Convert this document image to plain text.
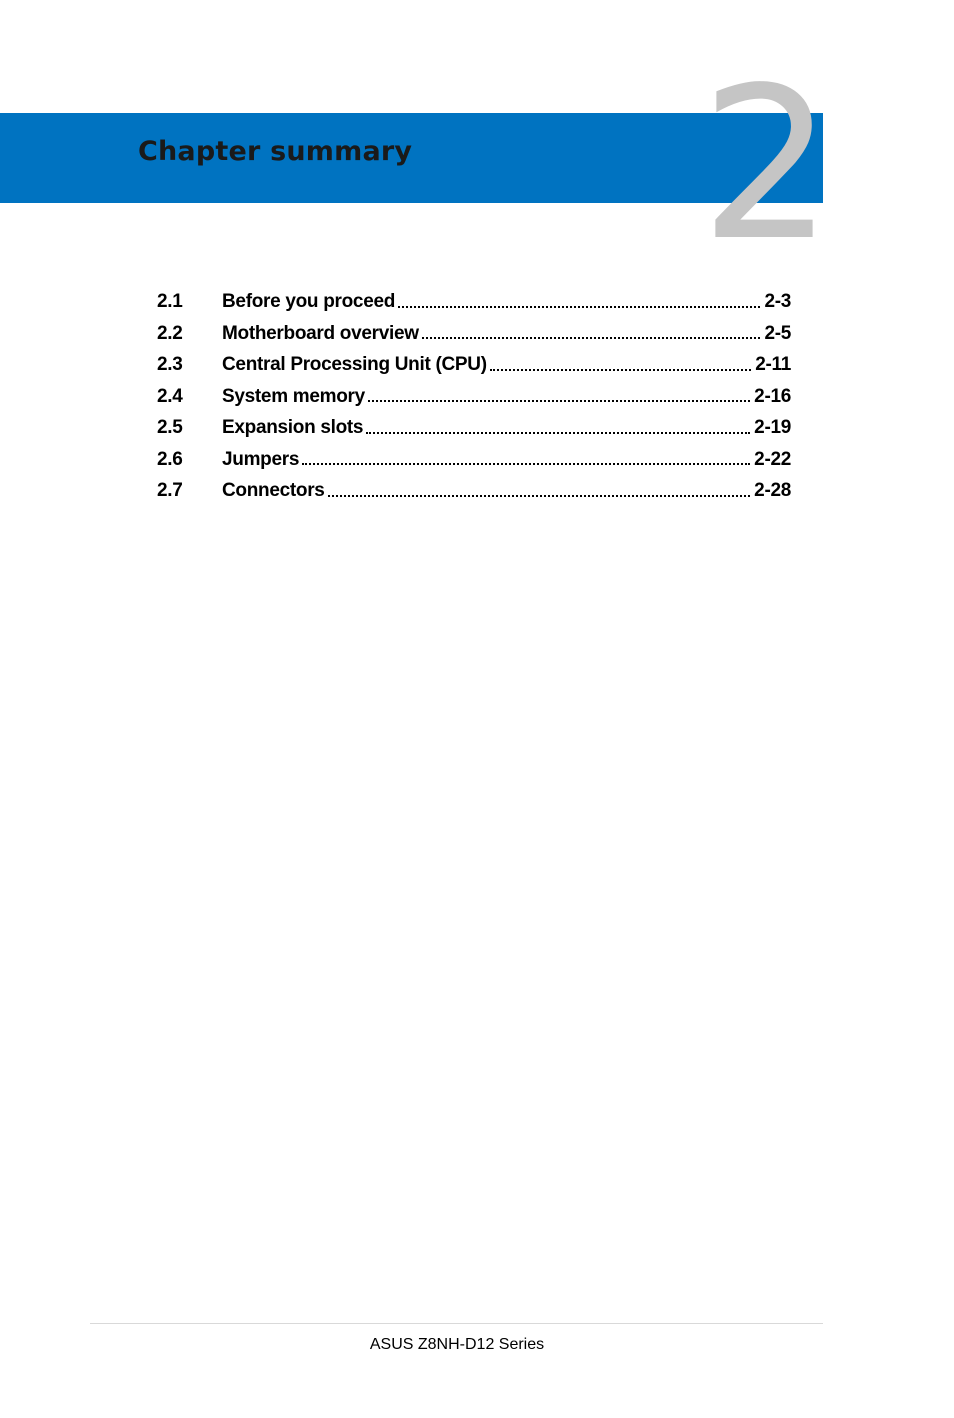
Chapter summary 2
2.1	Before you proceed	2-3
2.2	Motherboard overview	2-5
2.3	Central Processing Unit (CPU)	2-11
2.4	System memory	2-16
2.5	Expansion slots	2-19
2.6	Jumpers	2-22
2.7	Connectors	2-28
ASUS Z8NH-D12 Series
